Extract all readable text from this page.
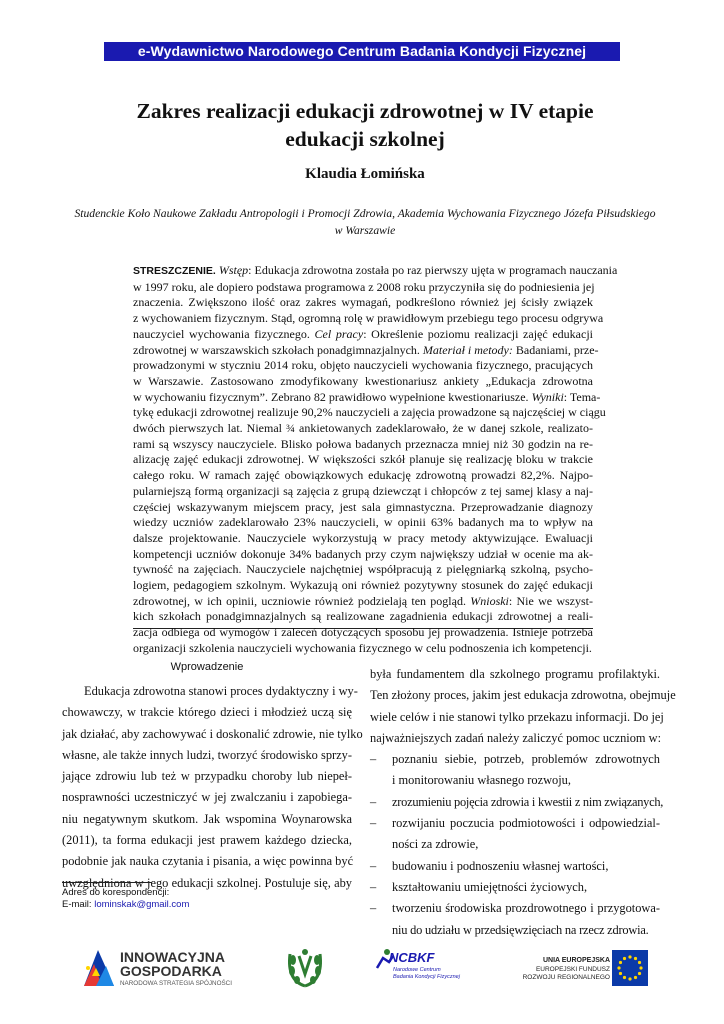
e-Wydawnictwo Narodowego Centrum Badania Kondycji Fizycznej
Zakres realizacji edukacji zdrowotnej w IV etapie
edukacji szkolnej
Klaudia Łomińska
Studenckie Koło Naukowe Zakładu Antropologii i Promocji Zdrowia, Akademia Wychowania Fizycznego Józefa Piłsudskiego
w Warszawie
STRESZCZENIE. Wstęp: Edukacja zdrowotna została po raz pierwszy ujęta w programach nauczania
w 1997 roku, ale dopiero podstawa programowa z 2008 roku przyczyniła się do podniesienia jej
znaczenia. Zwiększono ilość oraz zakres wymagań, podkreślono również jej ścisły związek
z wychowaniem fizycznym. Stąd, ogromną rolę w prawidłowym przebiegu tego procesu odgrywa
nauczyciel wychowania fizycznego. Cel pracy: Określenie poziomu realizacji zajęć edukacji
zdrowotnej w warszawskich szkołach ponadgimnazjalnych. Materiał i metody: Badaniami, prze-
prowadzonymi w styczniu 2014 roku, objęto nauczycieli wychowania fizycznego, pracujących
w Warszawie. Zastosowano zmodyfikowany kwestionariusz ankiety „Edukacja zdrowotna
w wychowaniu fizycznym”. Zebrano 82 prawidłowo wypełnione kwestionariusze. Wyniki: Tema-
tykę edukacji zdrowotnej realizuje 90,2% nauczycieli a zajęcia prowadzone są najczęściej w ciągu
dwóch pierwszych lat. Niemal ¾ ankietowanych zadeklarowało, że w danej szkole, realizato-
rami są wszyscy nauczyciele. Blisko połowa badanych przeznacza mniej niż 30 godzin na re-
alizację zajęć edukacji zdrowotnej. W większości szkół planuje się realizację bloku w trakcie
całego roku. W ramach zajęć obowiązkowych edukację zdrowotną prowadzi 82,2%. Najpo-
pularniejszą formą organizacji są zajęcia z grupą dziewcząt i chłopców z tej samej klasy a naj-
częściej wskazywanym miejscem pracy, jest sala gimnastyczna. Przeprowadzanie diagnozy
wiedzy uczniów zadeklarowało 23% nauczycieli, w opinii 63% badanych ma to wpływ na
dalsze projektowanie. Nauczyciele wykorzystują w pracy metody aktywizujące. Ewaluacji
kompetencji uczniów dokonuje 34% badanych przy czym największy udział w ocenie ma ak-
tywność na zajęciach. Nauczyciele najchętniej współpracują z pielęgniarką szkolną, psycho-
logiem, pedagogiem szkolnym. Wykazują oni również pozytywny stosunek do zajęć edukacji
zdrowotnej, w ich opinii, uczniowie również podzielają ten pogląd. Wnioski: Nie we wszyst-
kich szkołach ponadgimnazjalnych są realizowane zagadnienia edukacji zdrowotnej a reali-
zacja odbiega od wymogów i zaleceń dotyczących sposobu jej prowadzenia. Istnieje potrzeba
organizacji szkolenia nauczycieli wychowania fizycznego w celu podnoszenia ich kompetencji.
Wprowadzenie
Edukacja zdrowotna stanowi proces dydaktyczny i wy-
chowawczy, w trakcie którego dzieci i młodzież uczą się
jak działać, aby zachowywać i doskonalić zdrowie, nie tylko
własne, ale także innych ludzi, tworzyć środowisko sprzy-
jające zdrowiu lub też w przypadku choroby lub niepeł-
nosprawności uczestniczyć w jej zwalczaniu i zapobiega-
niu negatywnym skutkom. Jak wspomina Woynarowska
(2011), ta forma edukacji jest prawem każdego dziecka,
podobnie jak nauka czytania i pisania, a więc powinna być
uwzględniona w jego edukacji szkolnej. Postuluje się, aby
była fundamentem dla szkolnego programu profilaktyki.
Ten złożony proces, jakim jest edukacja zdrowotna, obejmuje
wiele celów i nie stanowi tylko przekazu informacji. Do jej
najważniejszych zadań należy zaliczyć pomoc uczniom w:
–	poznaniu siebie, potrzeb, problemów zdrowotnych
i monitorowaniu własnego rozwoju,
–	zrozumieniu pojęcia zdrowia i kwestii z nim związanych,
–	rozwijaniu poczucia podmiotowości i odpowiedzial-
ności za zdrowie,
–	budowaniu i podnoszeniu własnej wartości,
–	kształtowaniu umiejętności życiowych,
–	tworzeniu środowiska prozdrowotnego i przygotowa-
niu do udziału w przedsięwzięciach na rzecz zdrowia.
Adres do korespondencji:
E-mail: lominskak@gmail.com
INNOWACYJNA
GOSPODARKA
NARODOWA STRATEGIA SPÓJNOŚCI
NCBKF
Narodowe Centrum
Badania Kondycji Fizycznej
UNIA EUROPEJSKA
EUROPEJSKI FUNDUSZ
ROZWOJU REGIONALNEGO
